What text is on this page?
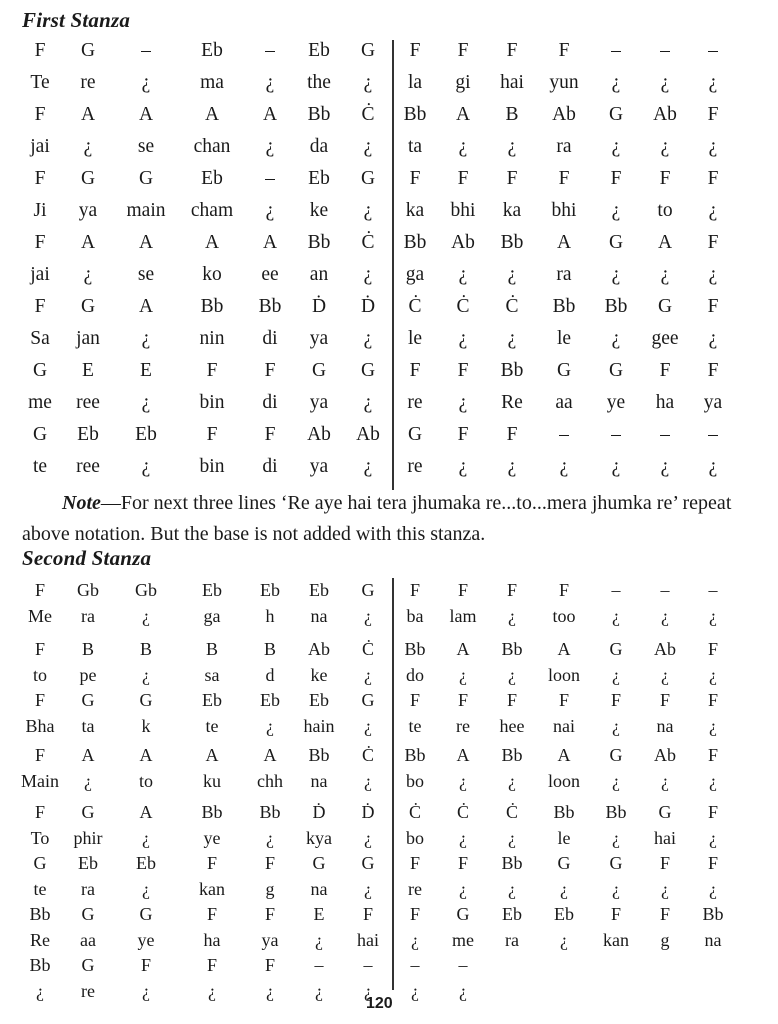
First Stanza
F G –	Eb – Eb G F F F F – – –
Te re ¿	ma ¿ the ¿ la gi hai yun ¿ ¿ ¿
F A A	A A Bb Ċ Bb A B Ab G Ab F
jai ¿ se chan ¿ da ¿ ta ¿ ¿ ra ¿ ¿ ¿
F G G Eb – Eb G F F F F F F F
Ji ya main cham ¿ ke ¿ ka bhi ka bhi ¿ to ¿
F A A	A A Bb Ċ Bb Ab Bb A G A F
jai ¿ se ko ee an ¿ ga ¿ ¿ ra ¿ ¿ ¿
F G A Bb Bb Ḋ Ḋ Ċ Ċ Ċ Bb Bb G F
Sa jan ¿	nin di ya ¿ le ¿ ¿ le ¿ gee ¿
G E E	F F G G F F Bb G G F F
me ree ¿	bin di ya ¿ re ¿ Re aa ye ha ya
G Eb Eb	F F Ab Ab G F F – – – –
te ree ¿	bin di ya ¿ re ¿ ¿ ¿ ¿ ¿ ¿
Note—For next three lines ‘Re aye hai tera jhumaka re...to...mera jhumka re’ repeat above notation. But the base is not added with this stanza.
Second Stanza
F Gb Gb	Eb Eb Eb G F F F F – – –
Me ra	¿	ga	h na ¿ ba lam ¿ too ¿ ¿ ¿
F B	B	B	B Ab Ċ Bb A Bb A G Ab F
to pe	¿	sa	d ke ¿ do ¿ ¿ loon ¿ ¿ ¿
F G	G	Eb Eb Eb G F F F F F F F
Bha ta	k	te	¿ hain ¿ te re hee nai ¿ na ¿
F A	A	A	A Bb Ċ Bb A Bb A G Ab F
Main ¿	to	ku chh na ¿ bo ¿ ¿ loon ¿ ¿ ¿
F G	A	Bb Bb Ḋ Ḋ Ċ Ċ Ċ Bb Bb G F
To phir ¿	ye	¿ kya ¿ bo ¿ ¿ le ¿ hai ¿
G Eb Eb	F	F G G F F Bb G G F F
te ra	¿	kan g na ¿ re ¿ ¿ ¿ ¿ ¿ ¿
Bb G	G	F	F E F F G Eb Eb F F Bb
Re aa ye	ha ya ¿ hai ¿ me ra ¿ kan g na
Bb G	F	F	F – – – –
¿ re	¿	¿	¿ ¿ ¿ ¿ ¿
120
